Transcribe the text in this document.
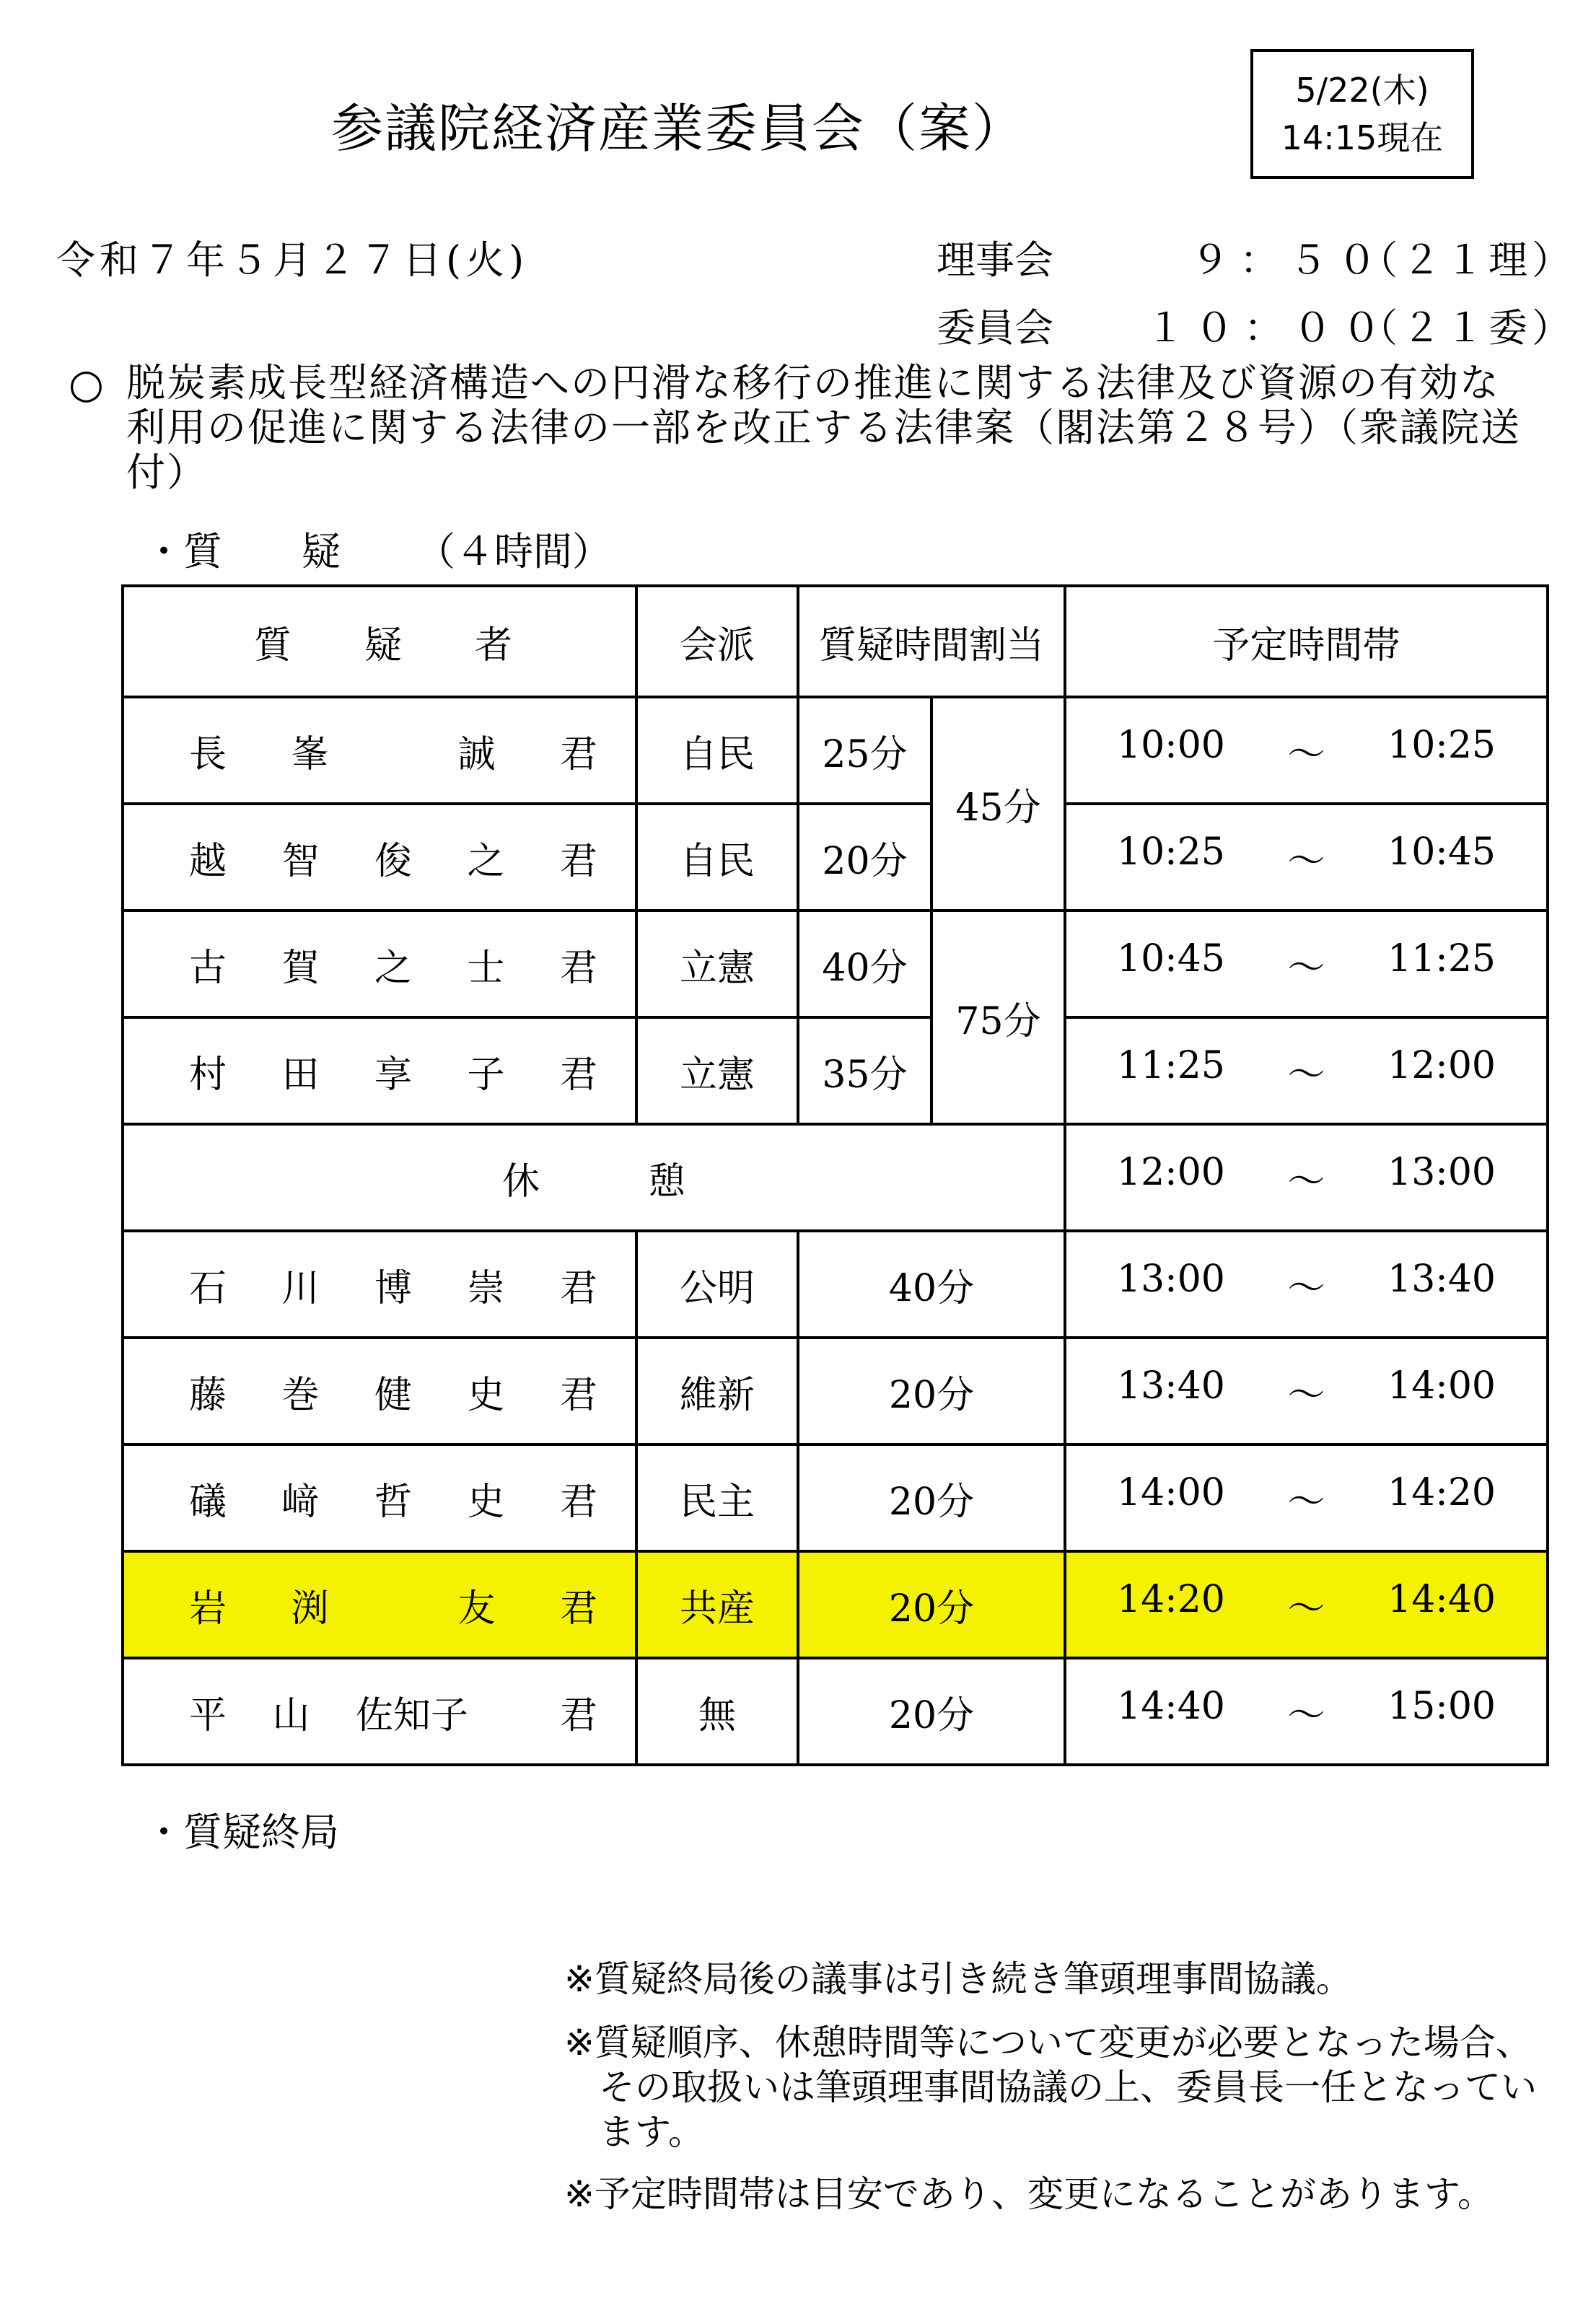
参議院経済産業委員会（案）
5/22(木)
14:15現在
令和７年５月２７日(火)	理事会	９：５０
（２１理）
委員会 １０：００
（２１委）
○ 脱炭素成長型経済構造への円滑な移行の推進に関する法律及び資源の有効な利用の促進に関する法律の一部を改正する法律案（閣法第２８号）（衆議院送付）
・質 疑 （４時間）
質 疑 者	会派	質疑時間割当		予定時間帯

長 峯 誠 君	自民	25分	45分	10:00 〜 10:25

越 智 俊 之 君	自民	20分		10:25 〜 10:45

古 賀 之 士 君	立憲	40分	75分	10:45 〜 11:25

村 田 享 子 君	立憲	35分		11:25 〜 12:00

休 憩				12:00 〜 13:00

石 川 博 崇 君	公明	40分		13:00 〜 13:40

藤 巻 健 史 君	維新	20分		13:40 〜 14:00

礒 﨑 哲 史 君	民主	20分		14:00 〜 14:20

岩 渕 友 君	共産	20分		14:20 〜 14:40

平 山 佐知子 君	無	20分		14:40 〜 15:00
・質疑終局
※質疑終局後の議事は引き続き筆頭理事間協議。
※質疑順序、休憩時間等について変更が必要となった場合、その取扱いは筆頭理事間協議の上、委員長一任となっています。
※予定時間帯は目安であり、変更になることがあります。
